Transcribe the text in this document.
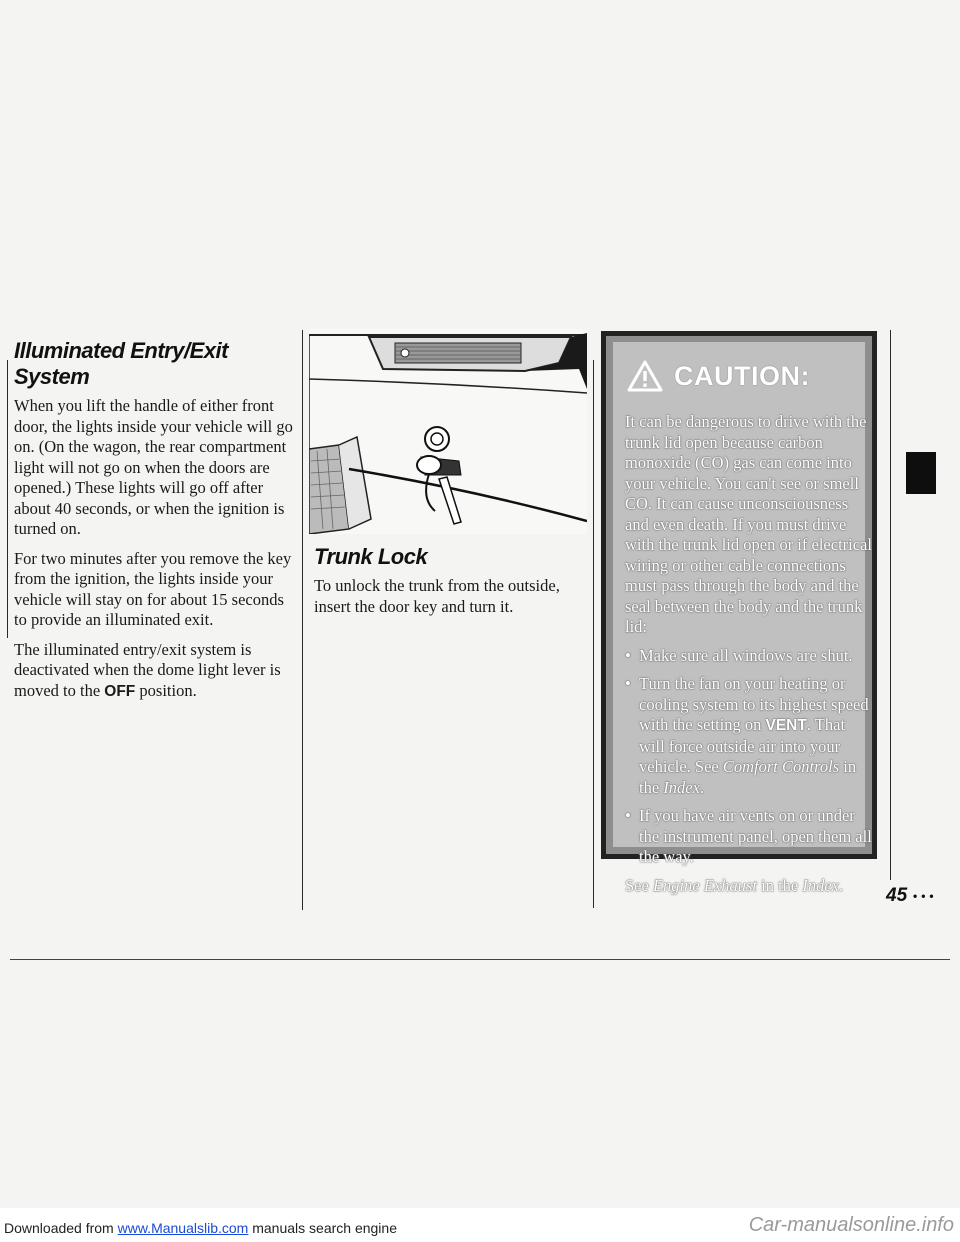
Illuminated Entry/Exit System

When you lift the handle of either front door, the lights inside your vehicle will go on. (On the wagon, the rear compartment light will not go on when the doors are opened.) These lights will go off after about 40 seconds, or when the ignition is turned on.

For two minutes after you remove the key from the ignition, the lights inside your vehicle will stay on for about 15 seconds to provide an illuminated exit.

The illuminated entry/exit system is deactivated when the dome light lever is moved to the OFF position.

Trunk Lock

To unlock the trunk from the outside, insert the door key and turn it.

CAUTION:

It can be dangerous to drive with the trunk lid open because carbon monoxide (CO) gas can come into your vehicle. You can't see or smell CO. It can cause unconsciousness and even death. If you must drive with the trunk lid open or if electrical wiring or other cable connections must pass through the body and the seal between the body and the trunk lid:

• Make sure all windows are shut.
• Turn the fan on your heating or cooling system to its highest speed with the setting on VENT. That will force outside air into your vehicle. See Comfort Controls in the Index.
• If you have air vents on or under the instrument panel, open them all the way.

See Engine Exhaust in the Index.	45 •••
Downloaded from www.Manualslib.com manuals search engine	Car-manualsonline.info
